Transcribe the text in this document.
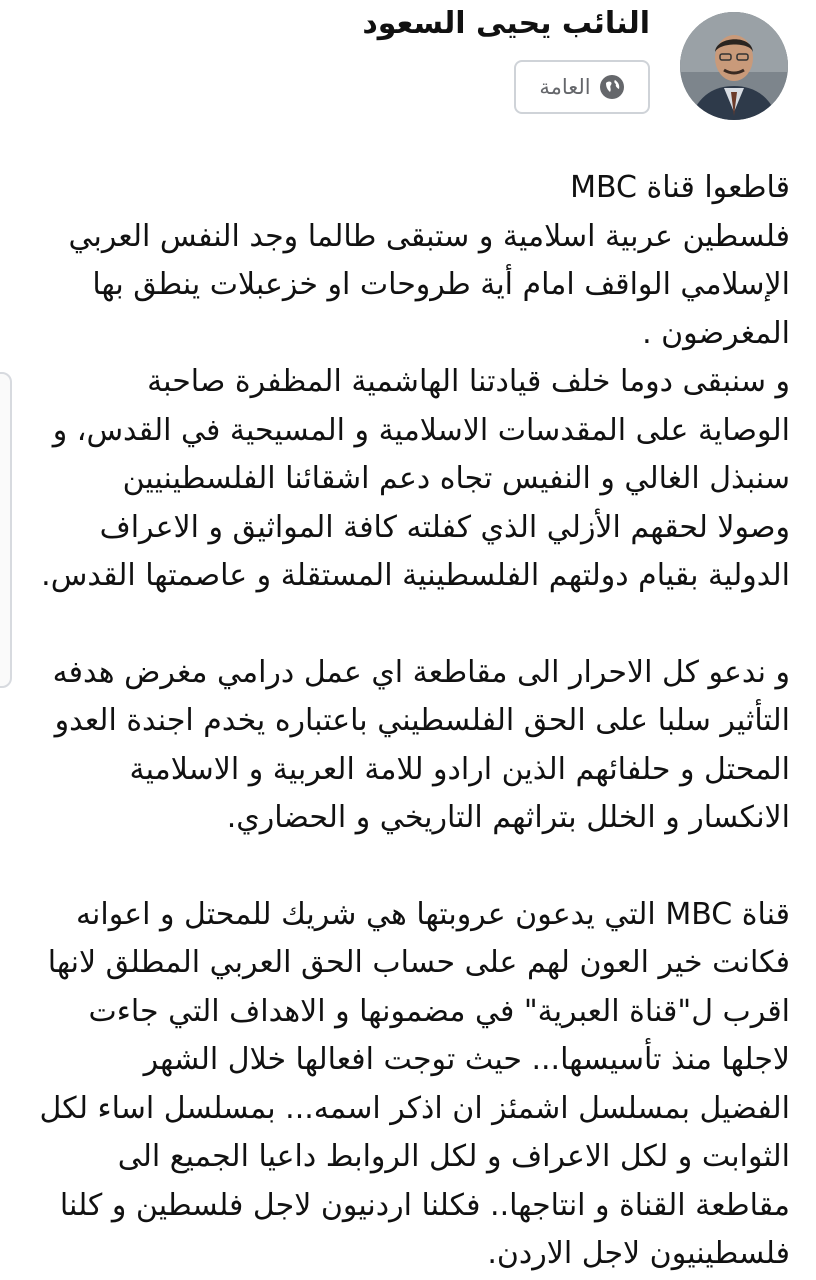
النائب يحيى السعود
العامة

قاطعوا قناة MBC

فلسطين عربية اسلامية و ستبقى طالما وجد النفس العربي

الإسلامي الواقف امام أية طروحات او خزعبلات ينطق بها

المغرضون .

و سنبقى دوما خلف قيادتنا الهاشمية المظفرة صاحبة

الوصاية على المقدسات الاسلامية و المسيحية في القدس، و

سنبذل الغالي و النفيس تجاه دعم اشقائنا الفلسطينيين

وصولا لحقهم الأزلي الذي كفلته كافة المواثيق و الاعراف

الدولية بقيام دولتهم الفلسطينية المستقلة و عاصمتها القدس.

و ندعو كل الاحرار الى مقاطعة اي عمل درامي مغرض هدفه

التأثير سلبا على الحق الفلسطيني باعتباره يخدم اجندة العدو

المحتل و حلفائهم الذين ارادو للامة العربية و الاسلامية

الانكسار و الخلل بتراثهم التاريخي و الحضاري.

قناة MBC التي يدعون عروبتها هي شريك للمحتل و اعوانه

فكانت خير العون لهم على حساب الحق العربي المطلق لانها

اقرب ل"قناة العبرية" في مضمونها و الاهداف التي جاءت

لاجلها منذ تأسيسها... حيث توجت افعالها خلال الشهر

الفضيل بمسلسل اشمئز ان اذكر اسمه... بمسلسل اساء لكل

الثوابت و لكل الاعراف و لكل الروابط داعيا الجميع الى

مقاطعة القناة و انتاجها.. فكلنا اردنيون لاجل فلسطين و كلنا

فلسطينيون لاجل الاردن.
